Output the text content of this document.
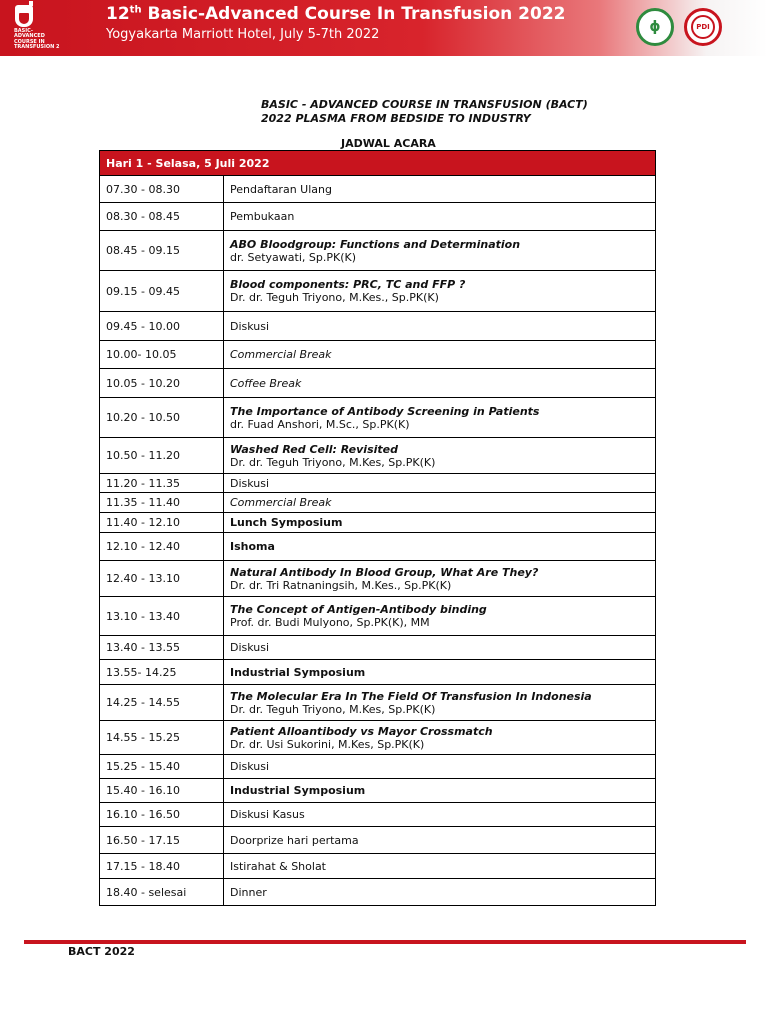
BASIC-
ADVANCED
COURSE IN
TRANSFUSION 2
12th Basic-Advanced Course In Transfusion 2022
Yogyakarta Marriott Hotel, July 5-7th 2022	ϕ	PDI
BASIC - ADVANCED COURSE IN TRANSFUSION (BACT)
2022 PLASMA FROM BEDSIDE TO INDUSTRY
JADWAL ACARA
Hari 1 - Selasa, 5 Juli 2022	
07.30 - 08.30	Pendaftaran Ulang
08.30 - 08.45	Pembukaan
08.45 - 09.15	ABO Bloodgroup: Functions and Determination
dr. Setyawati, Sp.PK(K)

09.15 - 09.45	Blood components: PRC, TC and FFP ?
Dr. dr. Teguh Triyono, M.Kes., Sp.PK(K)

09.45 - 10.00	Diskusi
10.00- 10.05	Commercial Break
10.05 - 10.20	Coffee Break
10.20 - 10.50	The Importance of Antibody Screening in Patients
dr. Fuad Anshori, M.Sc., Sp.PK(K)

10.50 - 11.20	Washed Red Cell: Revisited
Dr. dr. Teguh Triyono, M.Kes, Sp.PK(K)

11.20 - 11.35	Diskusi
11.35 - 11.40	Commercial Break
11.40 - 12.10	Lunch Symposium
12.10 - 12.40	Ishoma
12.40 - 13.10	Natural Antibody In Blood Group, What Are They?
Dr. dr. Tri Ratnaningsih, M.Kes., Sp.PK(K)

13.10 - 13.40	The Concept of Antigen-Antibody binding
Prof. dr. Budi Mulyono, Sp.PK(K), MM

13.40 - 13.55	Diskusi
13.55- 14.25	Industrial Symposium
14.25 - 14.55	The Molecular Era In The Field Of Transfusion In Indonesia
Dr. dr. Teguh Triyono, M.Kes, Sp.PK(K)

14.55 - 15.25	Patient Alloantibody vs Mayor Crossmatch
Dr. dr. Usi Sukorini, M.Kes, Sp.PK(K)

15.25 - 15.40	Diskusi
15.40 - 16.10	Industrial Symposium
16.10 - 16.50	Diskusi Kasus
16.50 - 17.15	Doorprize hari pertama
17.15 - 18.40	Istirahat & Sholat
18.40 - selesai	Dinner
BACT 2022
